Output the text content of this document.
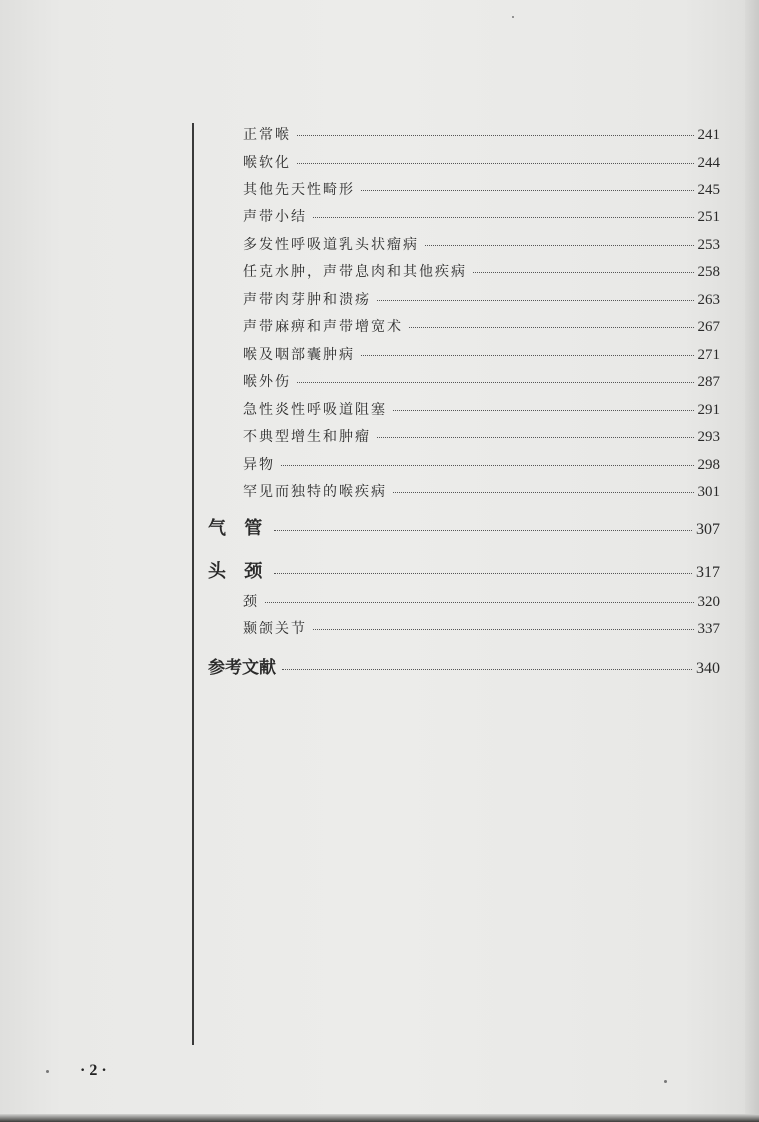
正常喉	241
喉软化	244
其他先天性畸形	245
声带小结	251
多发性呼吸道乳头状瘤病	253
任克水肿，声带息肉和其他疾病	258
声带肉芽肿和溃疡	263
声带麻痹和声带增宽术	267
喉及咽部囊肿病	271
喉外伤	287
急性炎性呼吸道阻塞	291
不典型增生和肿瘤	293
异物	298
罕见而独特的喉疾病	301
气 管	307
头 颈	317
颈	320
颞颌关节	337
参考文献	340
· 2 ·
